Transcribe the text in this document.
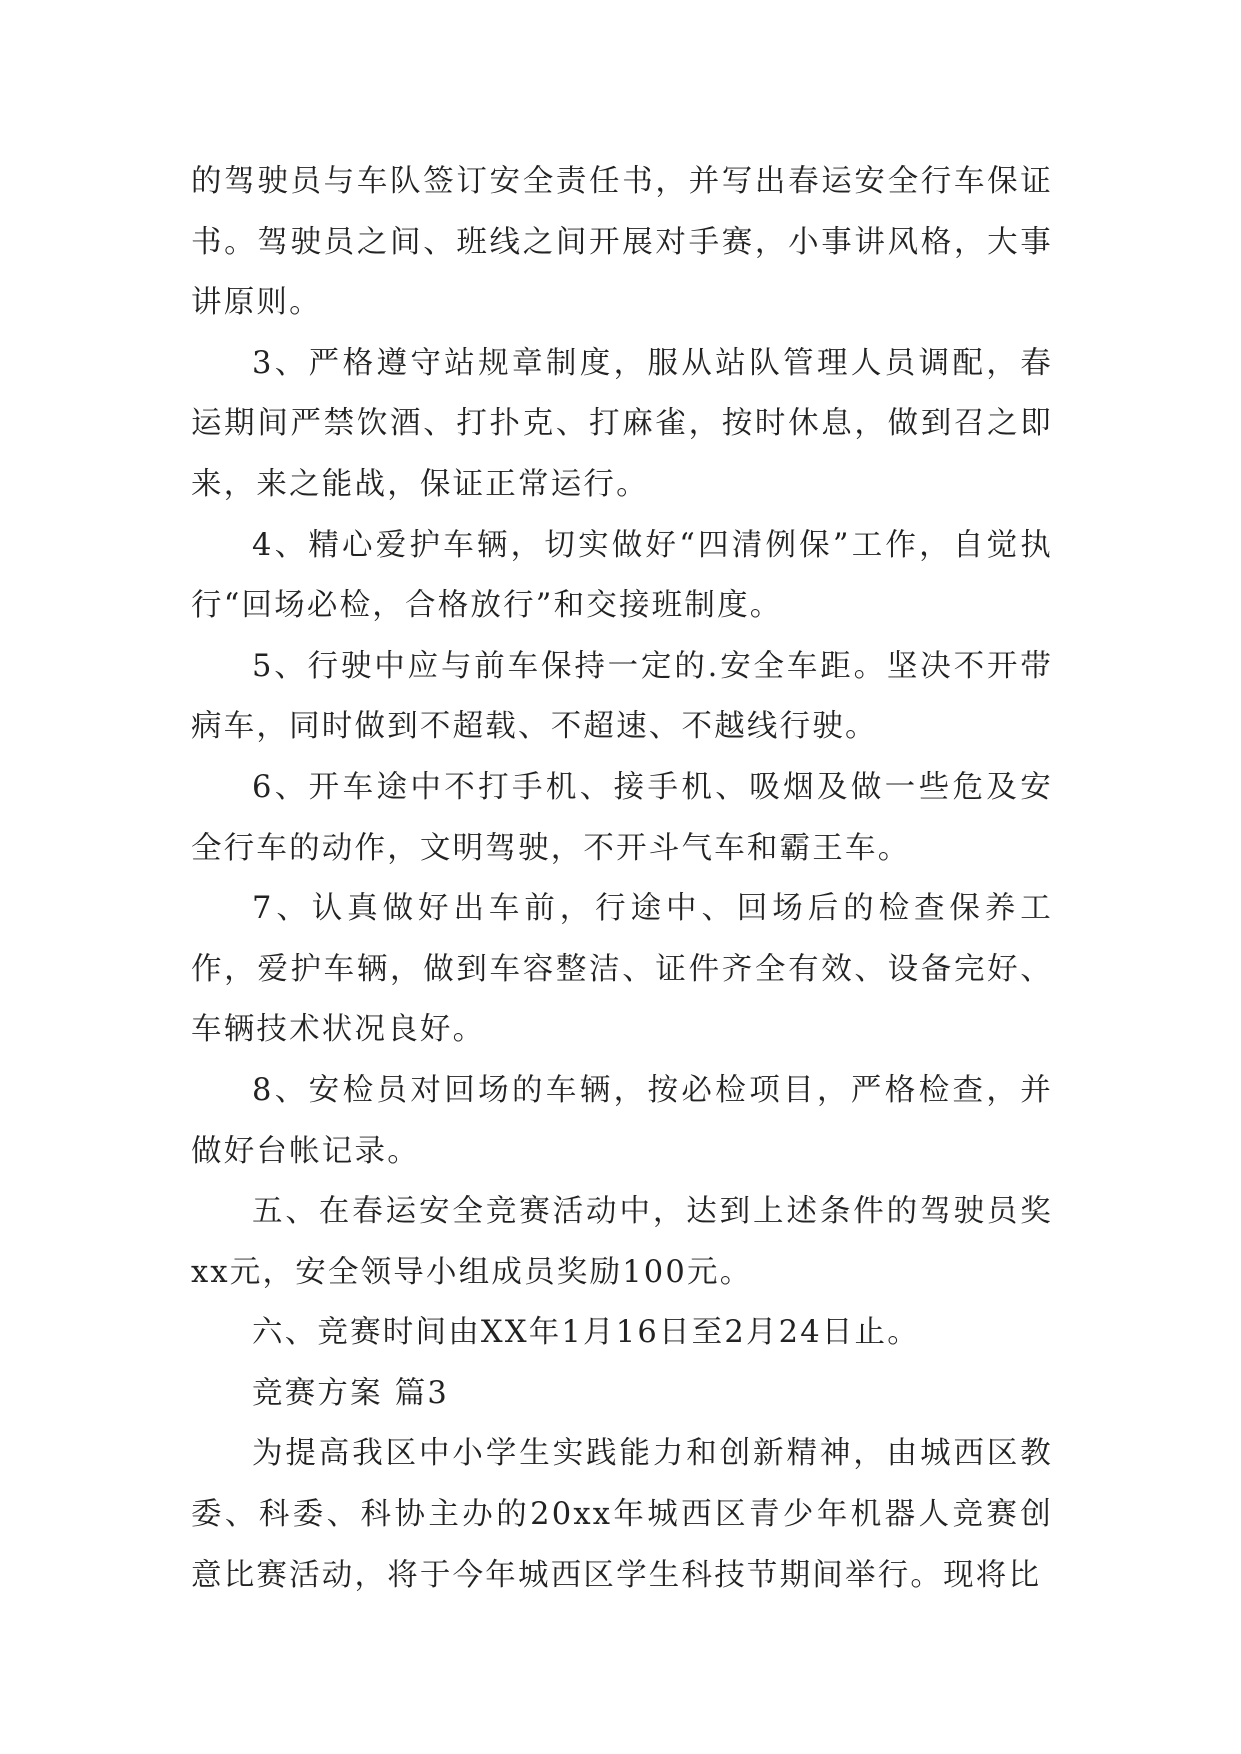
的驾驶员与车队签订安全责任书，并写出春运安全行车保证书。驾驶员之间、班线之间开展对手赛，小事讲风格，大事讲原则。

3、严格遵守站规章制度，服从站队管理人员调配，春运期间严禁饮酒、打扑克、打麻雀，按时休息，做到召之即来，来之能战，保证正常运行。

4、精心爱护车辆，切实做好“四清例保”工作，自觉执行“回场必检，合格放行”和交接班制度。

5、行驶中应与前车保持一定的.安全车距。坚决不开带病车，同时做到不超载、不超速、不越线行驶。

6、开车途中不打手机、接手机、吸烟及做一些危及安全行车的动作，文明驾驶，不开斗气车和霸王车。

7、认真做好出车前，行途中、回场后的检查保养工作，爱护车辆，做到车容整洁、证件齐全有效、设备完好、车辆技术状况良好。

8、安检员对回场的车辆，按必检项目，严格检查，并做好台帐记录。

五、在春运安全竞赛活动中，达到上述条件的驾驶员奖xx元，安全领导小组成员奖励100元。

六、竞赛时间由XX年1月16日至2月24日止。

竞赛方案 篇3

为提高我区中小学生实践能力和创新精神，由城西区教委、科委、科协主办的20xx年城西区青少年机器人竞赛创意比赛活动，将于今年城西区学生科技节期间举行。现将比
